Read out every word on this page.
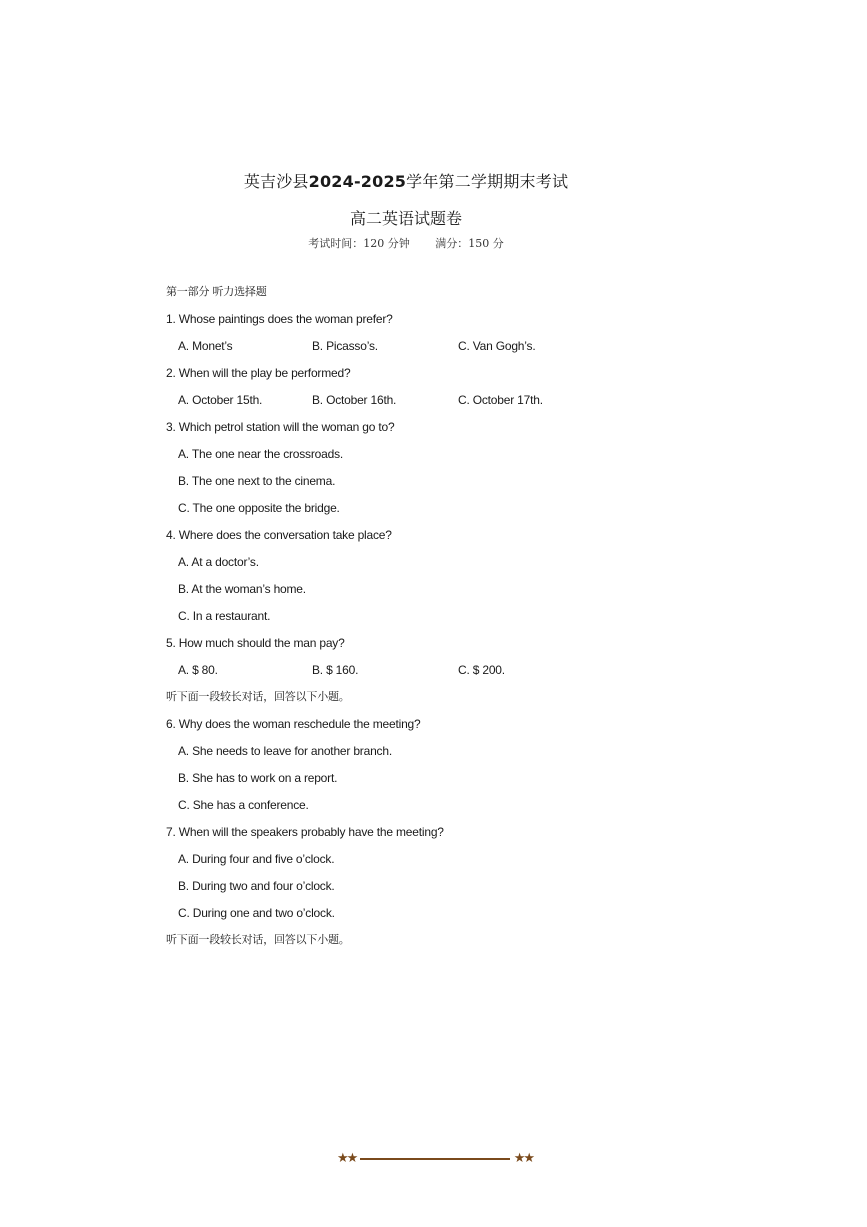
英吉沙县2024-2025学年第二学期期末考试
高二英语试题卷
考试时间：120 分钟 满分：150 分
第一部分 听力选择题
1. Whose paintings does the woman prefer?
A. Monet’s	B. Picasso’s.	C. Van Gogh’s.
2. When will the play be performed?
A. October 15th.	B. October 16th.	C. October 17th.
3. Which petrol station will the woman go to?
A. The one near the crossroads.
B. The one next to the cinema.
C. The one opposite the bridge.
4. Where does the conversation take place?
A. At a doctor’s.
B. At the woman’s home.
C. In a restaurant.
5. How much should the man pay?
A. $ 80.	B. $ 160.	C. $ 200.
听下面一段较长对话，回答以下小题。
6. Why does the woman reschedule the meeting?
A. She needs to leave for another branch.
B. She has to work on a report.
C. She has a conference.
7. When will the speakers probably have the meeting?
A. During four and five o’clock.
B. During two and four o’clock.
C. During one and two o’clock.
听下面一段较长对话，回答以下小题。
★★	★★
